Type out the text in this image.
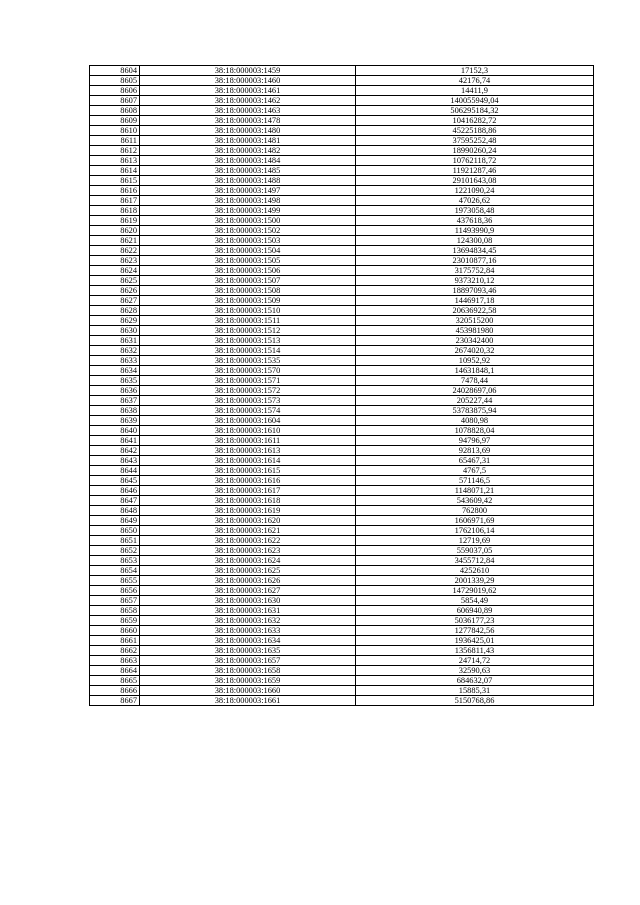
8604	38:18:000003:1459	17152,3
8605	38:18:000003:1460	42176,74
8606	38:18:000003:1461	14411,9
8607	38:18:000003:1462	140055949,04
8608	38:18:000003:1463	506295184,32
8609	38:18:000003:1478	10416282,72
8610	38:18:000003:1480	45225188,86
8611	38:18:000003:1481	37595252,48
8612	38:18:000003:1482	18990260,24
8613	38:18:000003:1484	10762118,72
8614	38:18:000003:1485	11921287,46
8615	38:18:000003:1488	29101643,08
8616	38:18:000003:1497	1221090,24
8617	38:18:000003:1498	47026,62
8618	38:18:000003:1499	1973058,48
8619	38:18:000003:1500	437618,36
8620	38:18:000003:1502	11493990,9
8621	38:18:000003:1503	124300,08
8622	38:18:000003:1504	13694834,45
8623	38:18:000003:1505	23010877,16
8624	38:18:000003:1506	3175752,84
8625	38:18:000003:1507	9373210,12
8626	38:18:000003:1508	18897093,46
8627	38:18:000003:1509	1446917,18
8628	38:18:000003:1510	20636922,58
8629	38:18:000003:1511	320515200
8630	38:18:000003:1512	453981980
8631	38:18:000003:1513	230342400
8632	38:18:000003:1514	2674020,32
8633	38:18:000003:1535	10952,92
8634	38:18:000003:1570	14631848,1
8635	38:18:000003:1571	7478,44
8636	38:18:000003:1572	24028697,06
8637	38:18:000003:1573	205227,44
8638	38:18:000003:1574	53783875,94
8639	38:18:000003:1604	4080,98
8640	38:18:000003:1610	1078828,04
8641	38:18:000003:1611	94796,97
8642	38:18:000003:1613	92813,69
8643	38:18:000003:1614	65467,31
8644	38:18:000003:1615	4767,5
8645	38:18:000003:1616	571146,5
8646	38:18:000003:1617	1148071,21
8647	38:18:000003:1618	543609,42
8648	38:18:000003:1619	762800
8649	38:18:000003:1620	1606971,69
8650	38:18:000003:1621	1762106,14
8651	38:18:000003:1622	12719,69
8652	38:18:000003:1623	559037,05
8653	38:18:000003:1624	3455712,84
8654	38:18:000003:1625	4252610
8655	38:18:000003:1626	2001339,29
8656	38:18:000003:1627	14729019,62
8657	38:18:000003:1630	5854,49
8658	38:18:000003:1631	606940,89
8659	38:18:000003:1632	5036177,23
8660	38:18:000003:1633	1277842,56
8661	38:18:000003:1634	1936425,01
8662	38:18:000003:1635	1356811,43
8663	38:18:000003:1657	24714,72
8664	38:18:000003:1658	32590,63
8665	38:18:000003:1659	684632,07
8666	38:18:000003:1660	15885,31
8667	38:18:000003:1661	5150768,86
